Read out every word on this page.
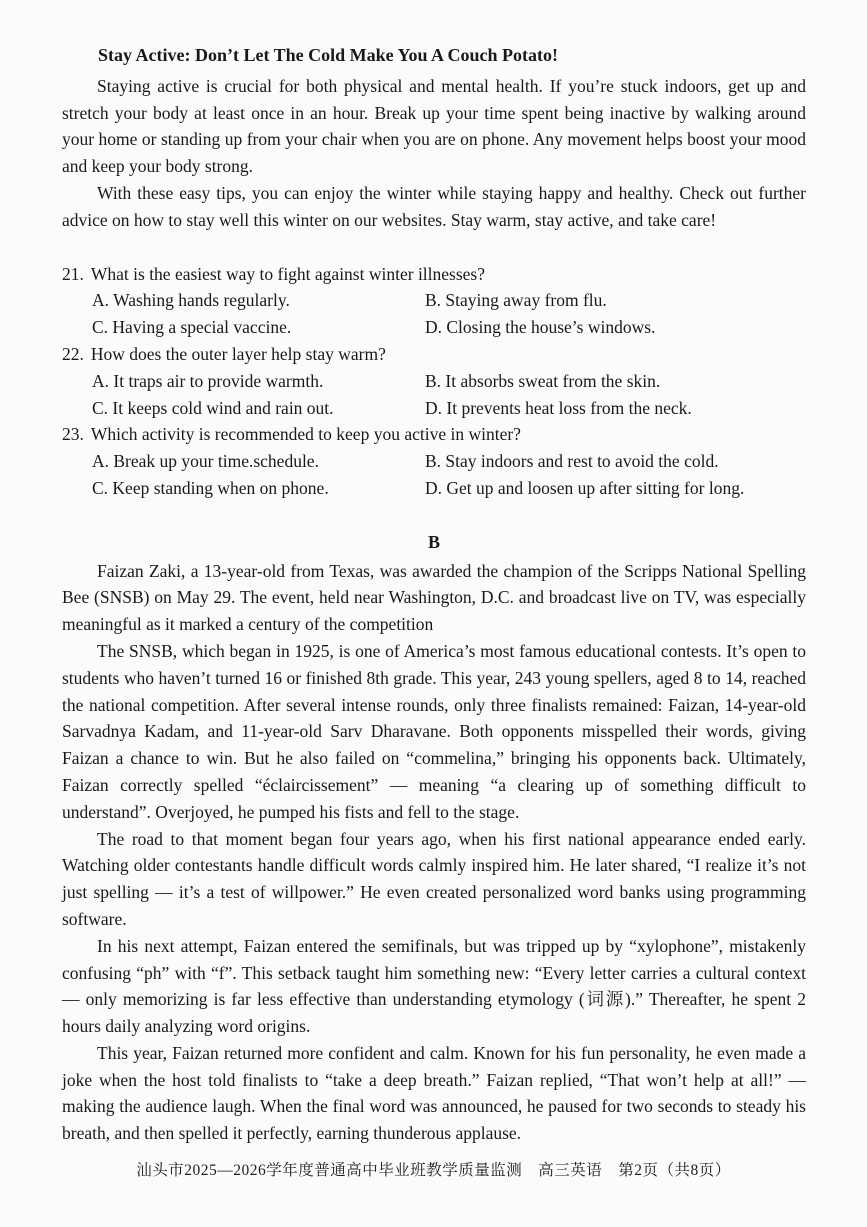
Stay Active: Don’t Let The Cold Make You A Couch Potato!

Staying active is crucial for both physical and mental health. If you’re stuck indoors, get up and stretch your body at least once in an hour. Break up your time spent being inactive by walking around your home or standing up from your chair when you are on phone. Any movement helps boost your mood and keep your body strong.

With these easy tips, you can enjoy the winter while staying happy and healthy. Check out further advice on how to stay well this winter on our websites. Stay warm, stay active, and take care!

21. What is the easiest way to fight against winter illnesses?
A. Washing hands regularly.	B. Staying away from flu.
C. Having a special vaccine.	D. Closing the house’s windows.
22. How does the outer layer help stay warm?
A. It traps air to provide warmth.	B. It absorbs sweat from the skin.
C. It keeps cold wind and rain out.	D. It prevents heat loss from the neck.
23. Which activity is recommended to keep you active in winter?
A. Break up your time.schedule.	B. Stay indoors and rest to avoid the cold.
C. Keep standing when on phone.	D. Get up and loosen up after sitting for long.
B

Faizan Zaki, a 13-year-old from Texas, was awarded the champion of the Scripps National Spelling Bee (SNSB) on May 29. The event, held near Washington, D.C. and broadcast live on TV, was especially meaningful as it marked a century of the competition

The SNSB, which began in 1925, is one of America’s most famous educational contests. It’s open to students who haven’t turned 16 or finished 8th grade. This year, 243 young spellers, aged 8 to 14, reached the national competition. After several intense rounds, only three finalists remained: Faizan, 14-year-old Sarvadnya Kadam, and 11-year-old Sarv Dharavane. Both opponents misspelled their words, giving Faizan a chance to win. But he also failed on “commelina,” bringing his opponents back. Ultimately, Faizan correctly spelled “éclaircissement” — meaning “a clearing up of something difficult to understand”. Overjoyed, he pumped his fists and fell to the stage.

The road to that moment began four years ago, when his first national appearance ended early. Watching older contestants handle difficult words calmly inspired him. He later shared, “I realize it’s not just spelling — it’s a test of willpower.” He even created personalized word banks using programming software.

In his next attempt, Faizan entered the semifinals, but was tripped up by “xylophone”, mistakenly confusing “ph” with “f”. This setback taught him something new: “Every letter carries a cultural context — only memorizing is far less effective than understanding etymology (词源).” Thereafter, he spent 2 hours daily analyzing word origins.

This year, Faizan returned more confident and calm. Known for his fun personality, he even made a joke when the host told finalists to “take a deep breath.” Faizan replied, “That won’t help at all!” — making the audience laugh. When the final word was announced, he paused for two seconds to steady his breath, and then spelled it perfectly, earning thunderous applause.

汕头市2025—2026学年度普通高中毕业班教学质量监测　高三英语　第2页（共8页）
